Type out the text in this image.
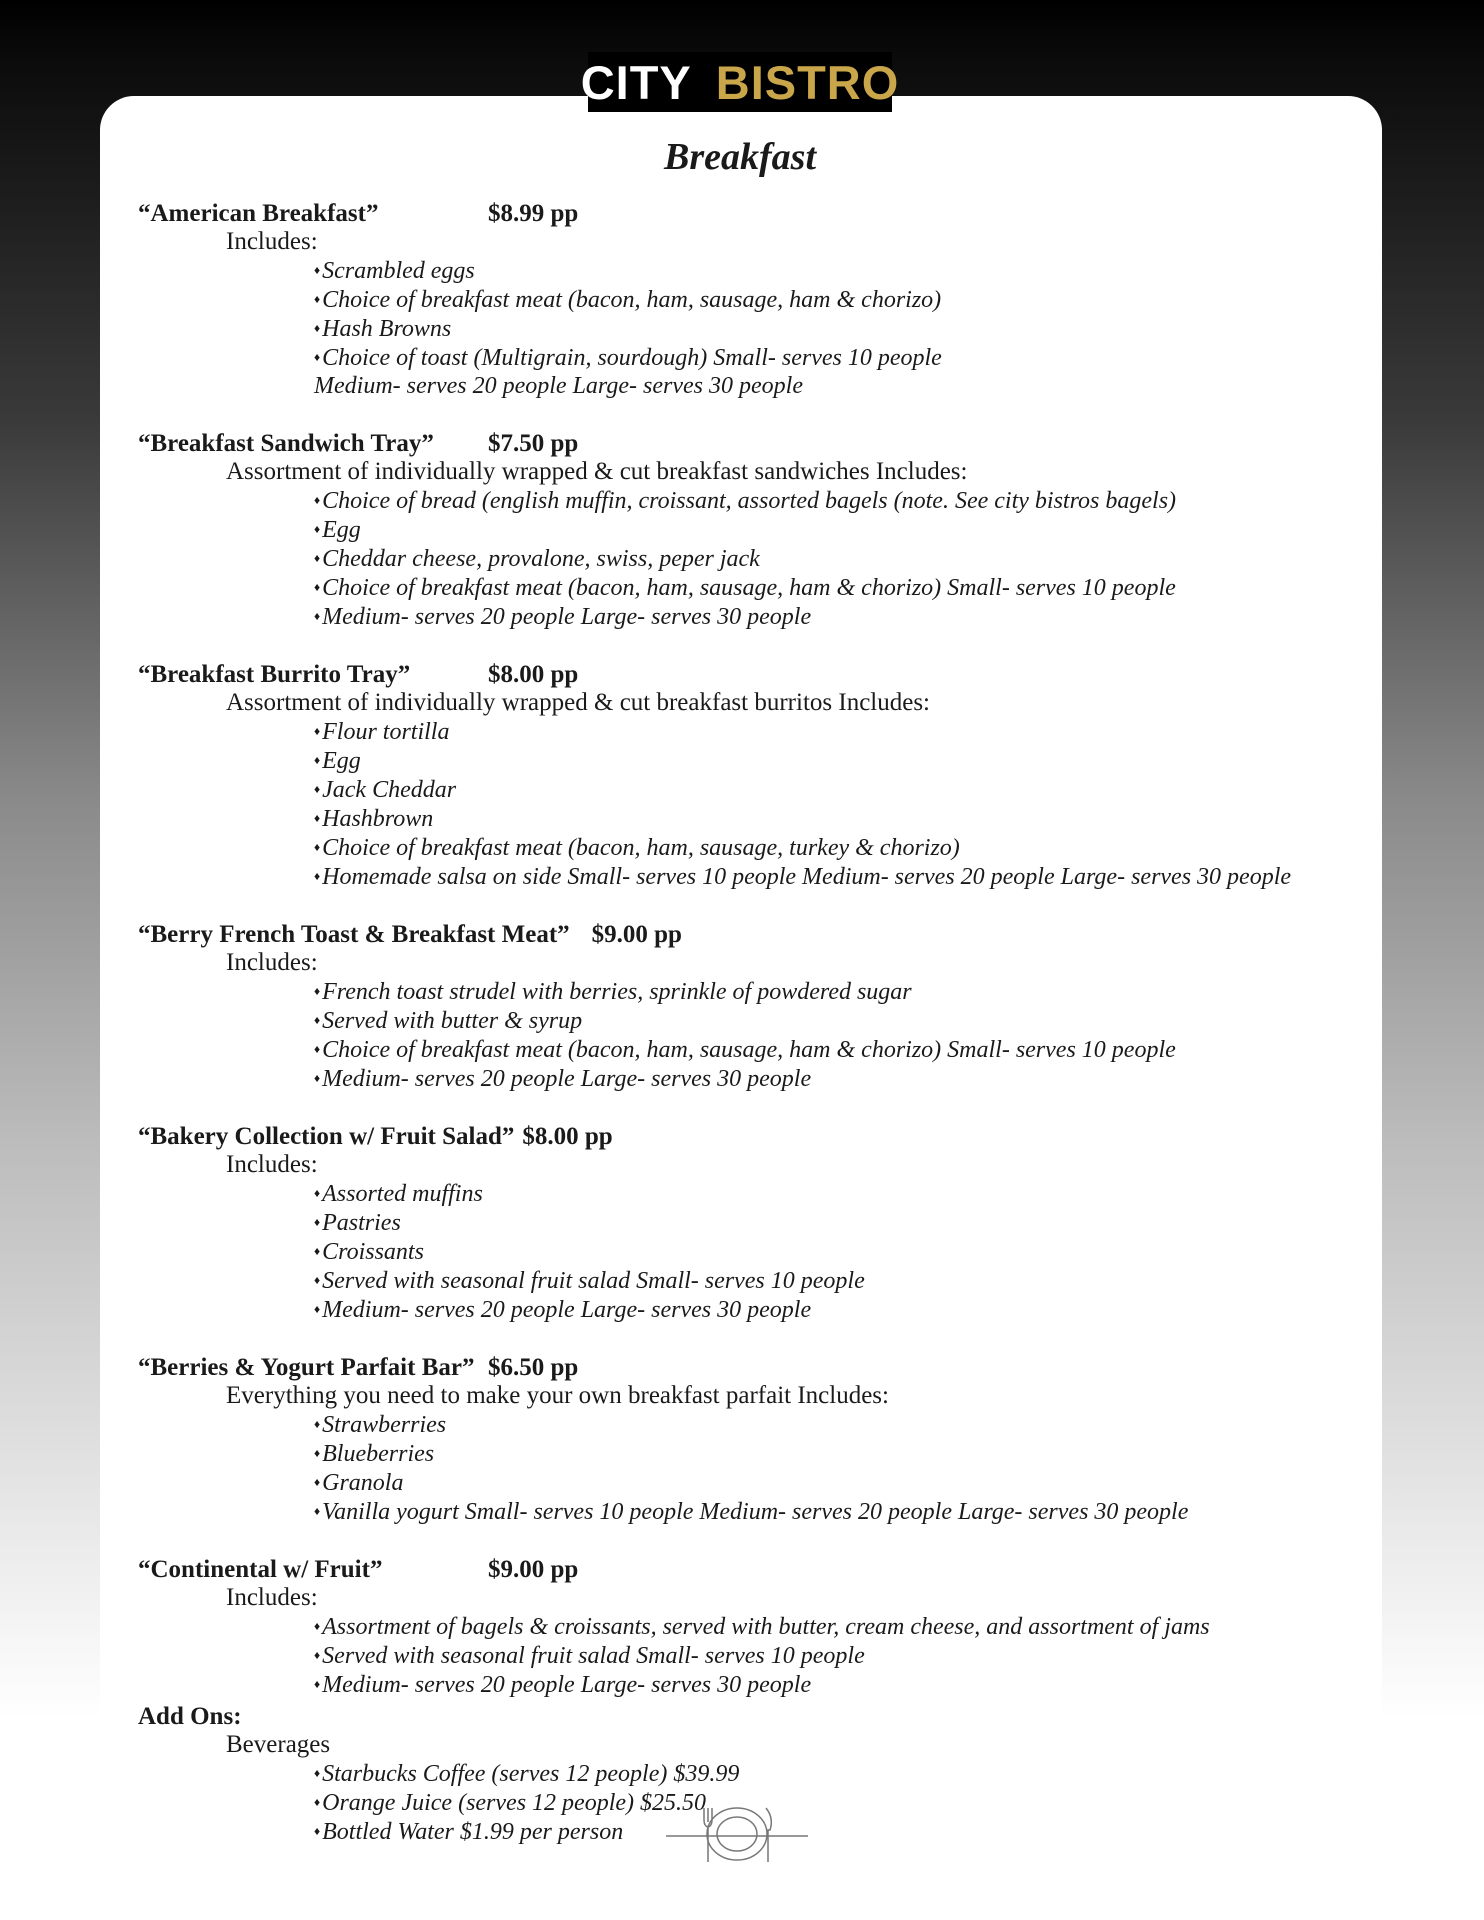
CITY BISTRO
Breakfast
“American Breakfast”	$8.99 pp
Includes:
♦ Scrambled eggs
♦ Choice of breakfast meat (bacon, ham, sausage, ham & chorizo)
♦ Hash Browns
♦ Choice of toast (Multigrain, sourdough) Small- serves 10 people
Medium- serves 20 people Large- serves 30 people
“Breakfast Sandwich Tray”	$7.50 pp
Assortment of individually wrapped & cut breakfast sandwiches Includes:
♦ Choice of bread (english muffin, croissant, assorted bagels (note. See city bistros bagels)
♦ Egg
♦ Cheddar cheese, provalone, swiss, peper jack
♦ Choice of breakfast meat (bacon, ham, sausage, ham & chorizo) Small- serves 10 people
♦ Medium- serves 20 people Large- serves 30 people
“Breakfast Burrito Tray”	$8.00 pp
Assortment of individually wrapped & cut breakfast burritos Includes:
♦ Flour tortilla
♦ Egg
♦ Jack Cheddar
♦ Hashbrown
♦ Choice of breakfast meat (bacon, ham, sausage, turkey & chorizo)
♦ Homemade salsa on side Small- serves 10 people Medium- serves 20 people Large- serves 30 people
“Berry French Toast & Breakfast Meat” $9.00 pp
Includes:
♦ French toast strudel with berries, sprinkle of powdered sugar
♦ Served with butter & syrup
♦ Choice of breakfast meat (bacon, ham, sausage, ham & chorizo) Small- serves 10 people
♦ Medium- serves 20 people Large- serves 30 people
“Bakery Collection w/ Fruit Salad” $8.00 pp
Includes:
♦ Assorted muffins
♦ Pastries
♦ Croissants
♦ Served with seasonal fruit salad Small- serves 10 people
♦ Medium- serves 20 people Large- serves 30 people
“Berries & Yogurt Parfait Bar” $6.50 pp
Everything you need to make your own breakfast parfait Includes:
♦ Strawberries
♦ Blueberries
♦ Granola
♦ Vanilla yogurt Small- serves 10 people Medium- serves 20 people Large- serves 30 people
“Continental w/ Fruit”	$9.00 pp
Includes:
♦ Assortment of bagels & croissants, served with butter, cream cheese, and assortment of jams
♦ Served with seasonal fruit salad Small- serves 10 people
♦ Medium- serves 20 people Large- serves 30 people
Add Ons:
Beverages
♦ Starbucks Coffee (serves 12 people) $39.99
♦ Orange Juice (serves 12 people) $25.50
♦ Bottled Water $1.99 per person
